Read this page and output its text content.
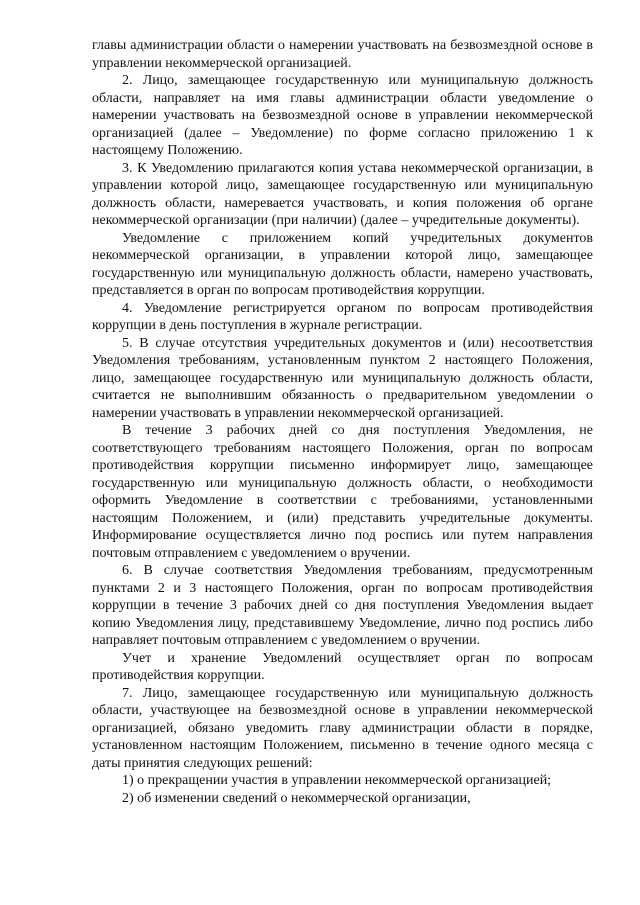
главы администрации области о намерении участвовать на безвозмездной основе в управлении некоммерческой организацией.

2. Лицо, замещающее государственную или муниципальную должность области, направляет на имя главы администрации области уведомление о намерении участвовать на безвозмездной основе в управлении некоммерческой организацией (далее – Уведомление) по форме согласно приложению 1 к настоящему Положению.

3. К Уведомлению прилагаются копия устава некоммерческой организации, в управлении которой лицо, замещающее государственную или муниципальную должность области, намеревается участвовать, и копия положения об органе некоммерческой организации (при наличии) (далее – учредительные документы).

Уведомление с приложением копий учредительных документов некоммерческой организации, в управлении которой лицо, замещающее государственную или муниципальную должность области, намерено участвовать, представляется в орган по вопросам противодействия коррупции.

4. Уведомление регистрируется органом по вопросам противодействия коррупции в день поступления в журнале регистрации.

5. В случае отсутствия учредительных документов и (или) несоответствия Уведомления требованиям, установленным пунктом 2 настоящего Положения, лицо, замещающее государственную или муниципальную должность области, считается не выполнившим обязанность о предварительном уведомлении о намерении участвовать в управлении некоммерческой организацией.

В течение 3 рабочих дней со дня поступления Уведомления, не соответствующего требованиям настоящего Положения, орган по вопросам противодействия коррупции письменно информирует лицо, замещающее государственную или муниципальную должность области, о необходимости оформить Уведомление в соответствии с требованиями, установленными настоящим Положением, и (или) представить учредительные документы. Информирование осуществляется лично под роспись или путем направления почтовым отправлением с уведомлением о вручении.

6. В случае соответствия Уведомления требованиям, предусмотренным пунктами 2 и 3 настоящего Положения, орган по вопросам противодействия коррупции в течение 3 рабочих дней со дня поступления Уведомления выдает копию Уведомления лицу, представившему Уведомление, лично под роспись либо направляет почтовым отправлением с уведомлением о вручении.

Учет и хранение Уведомлений осуществляет орган по вопросам противодействия коррупции.

7. Лицо, замещающее государственную или муниципальную должность области, участвующее на безвозмездной основе в управлении некоммерческой организацией, обязано уведомить главу администрации области в порядке, установленном настоящим Положением, письменно в течение одного месяца с даты принятия следующих решений:

1) о прекращении участия в управлении некоммерческой организацией;

2) об изменении сведений о некоммерческой организации,
